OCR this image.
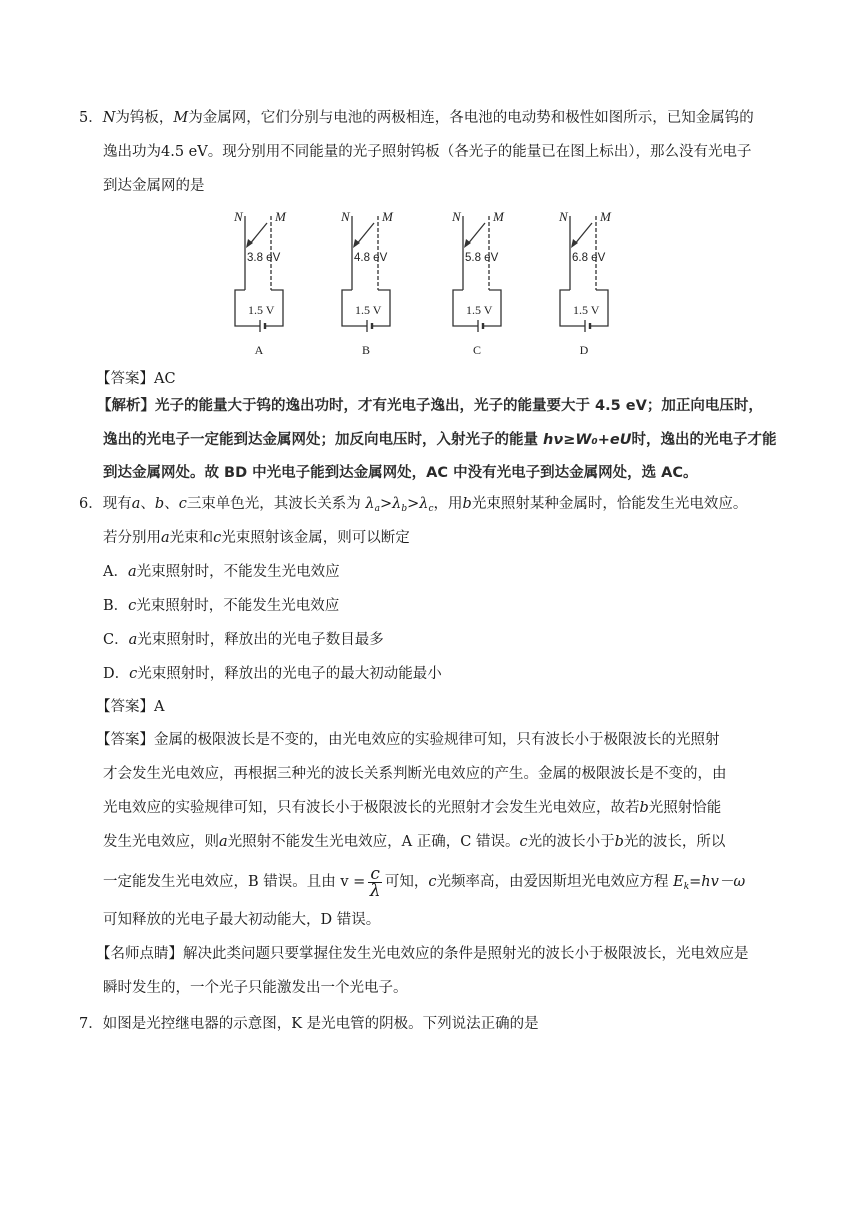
5．N为钨板，M为金属网，它们分别与电池的两极相连，各电池的电动势和极性如图所示，已知金属钨的
逸出功为4.5 eV。现分别用不同能量的光子照射钨板（各光子的能量已在图上标出），那么没有光电子
到达金属网的是
N M
3.8 eV
1.5 V
A
N M
4.8 eV
1.5 V
B
N M
5.8 eV
1.5 V
C
N M
6.8 eV
1.5 V
D
【答案】AC
【解析】光子的能量大于钨的逸出功时，才有光电子逸出，光子的能量要大于 4.5 eV；加正向电压时，
逸出的光电子一定能到达金属网处；加反向电压时，入射光子的能量 hν≥W₀+eU时，逸出的光电子才能
到达金属网处。故 BD 中光电子能到达金属网处，AC 中没有光电子到达金属网处，选 AC。
6．现有a、b、c三束单色光，其波长关系为 $\lambda_a>\lambda_b>\lambda_c$，用b光束照射某种金属时，恰能发生光电效应。
若分别用a光束和c光束照射该金属，则可以断定
A．a光束照射时，不能发生光电效应
B．c光束照射时，不能发生光电效应
C．a光束照射时，释放出的光电子数目最多
D．c光束照射时，释放出的光电子的最大初动能最小
【答案】A
【答案】金属的极限波长是不变的，由光电效应的实验规律可知，只有波长小于极限波长的光照射
才会发生光电效应，再根据三种光的波长关系判断光电效应的产生。金属的极限波长是不变的，由
光电效应的实验规律可知，只有波长小于极限波长的光照射才会发生光电效应，故若b光照射恰能
发生光电效应，则a光照射不能发生光电效应，A 正确，C 错误。c光的波长小于b光的波长，所以
一定能发生光电效应，B 错误。且由 $v = \frac{c}{\lambda}$ 可知，c光频率高，由爱因斯坦光电效应方程 $E_k=hv-\omega$
可知释放的光电子最大初动能大，D 错误。
【名师点睛】解决此类问题只要掌握住发生光电效应的条件是照射光的波长小于极限波长，光电效应是
瞬时发生的，一个光子只能激发出一个光电子。
7．如图是光控继电器的示意图，K 是光电管的阴极。下列说法正确的是
